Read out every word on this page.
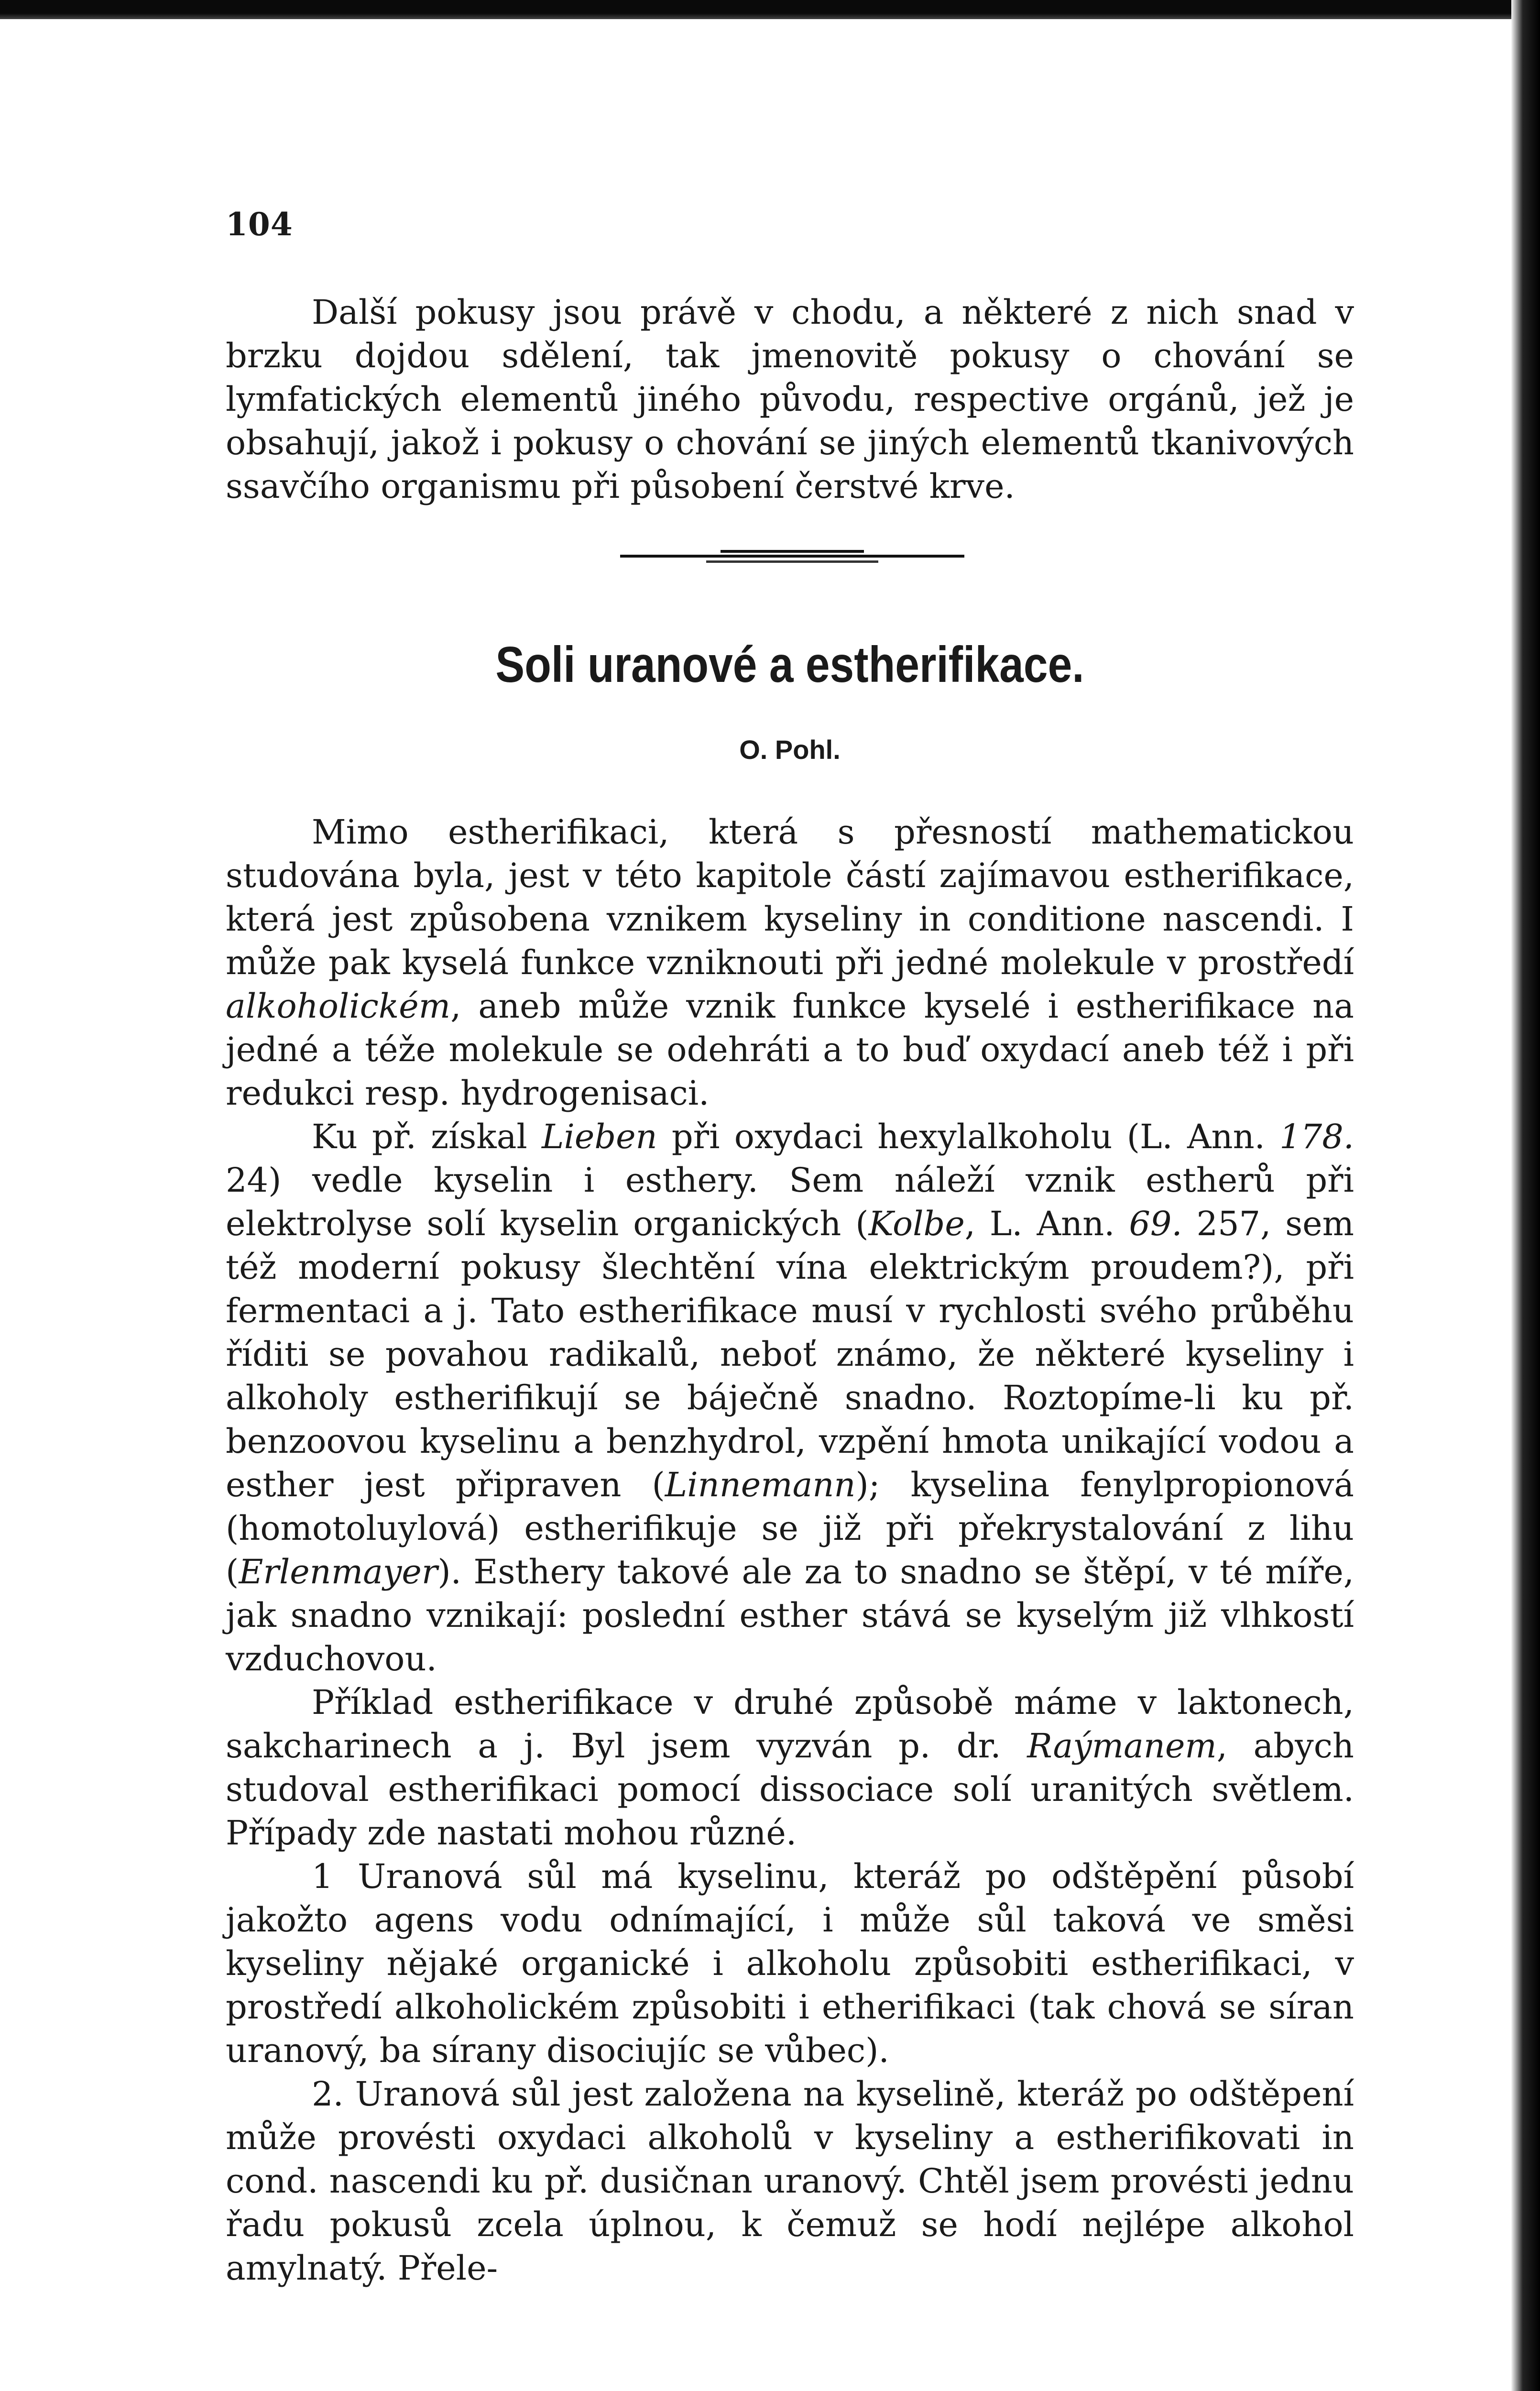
104

Další pokusy jsou právě v chodu, a některé z nich snad v brzku dojdou sdělení, tak jmenovitě pokusy o chování se lymfatických elementů jiného původu, respective orgánů, jež je obsahují, jakož i pokusy o chování se jiných elementů tkanivových ssavčího organismu při působení čerstvé krve.

Soli uranové a estherifikace.
O. Pohl.

Mimo estherifikaci, která s přesností mathematickou studována byla, jest v této kapitole částí zajímavou estherifikace, která jest způsobena vznikem kyseliny in conditione nascendi. I může pak kyselá funkce vzniknouti při jedné molekule v prostředí alkoholickém, aneb může vznik funkce kyselé i estherifikace na jedné a téže molekule se odehráti a to buď oxydací aneb též i při redukci resp. hydrogenisaci.

Ku př. získal Lieben při oxydaci hexylalkoholu (L. Ann. 178. 24) vedle kyselin i esthery. Sem náleží vznik estherů při elektrolyse solí kyselin organických (Kolbe, L. Ann. 69. 257, sem též moderní pokusy šlechtění vína elektrickým proudem?), při fermentaci a j. Tato estherifikace musí v rychlosti svého průběhu říditi se povahou radikalů, neboť známo, že některé kyseliny i alkoholy estherifikují se báječně snadno. Roztopíme-li ku př. benzoovou kyselinu a benzhydrol, vzpění hmota unikající vodou a esther jest připraven (Linnemann); kyselina fenylpropionová (homotoluylová) estherifikuje se již při překrystalování z lihu (Erlenmayer). Esthery takové ale za to snadno se štěpí, v té míře, jak snadno vznikají: poslední esther stává se kyselým již vlhkostí vzduchovou.

Příklad estherifikace v druhé způsobě máme v laktonech, sakcharinech a j. Byl jsem vyzván p. dr. Raýmanem, abych studoval estherifikaci pomocí dissociace solí uranitých světlem. Případy zde nastati mohou různé.

1 Uranová sůl má kyselinu, kteráž po odštěpění působí jakožto agens vodu odnímající, i může sůl taková ve směsi kyseliny nějaké organické i alkoholu způsobiti estherifikaci, v prostředí alkoholickém způsobiti i etherifikaci (tak chová se síran uranový, ba sírany disociujíc se vůbec).

2. Uranová sůl jest založena na kyselině, kteráž po odštěpení může provésti oxydaci alkoholů v kyseliny a estherifikovati in cond. nascendi ku př. dusičnan uranový. Chtěl jsem provésti jednu řadu pokusů zcela úplnou, k čemuž se hodí nejlépe alkohol amylnatý. Přele-
